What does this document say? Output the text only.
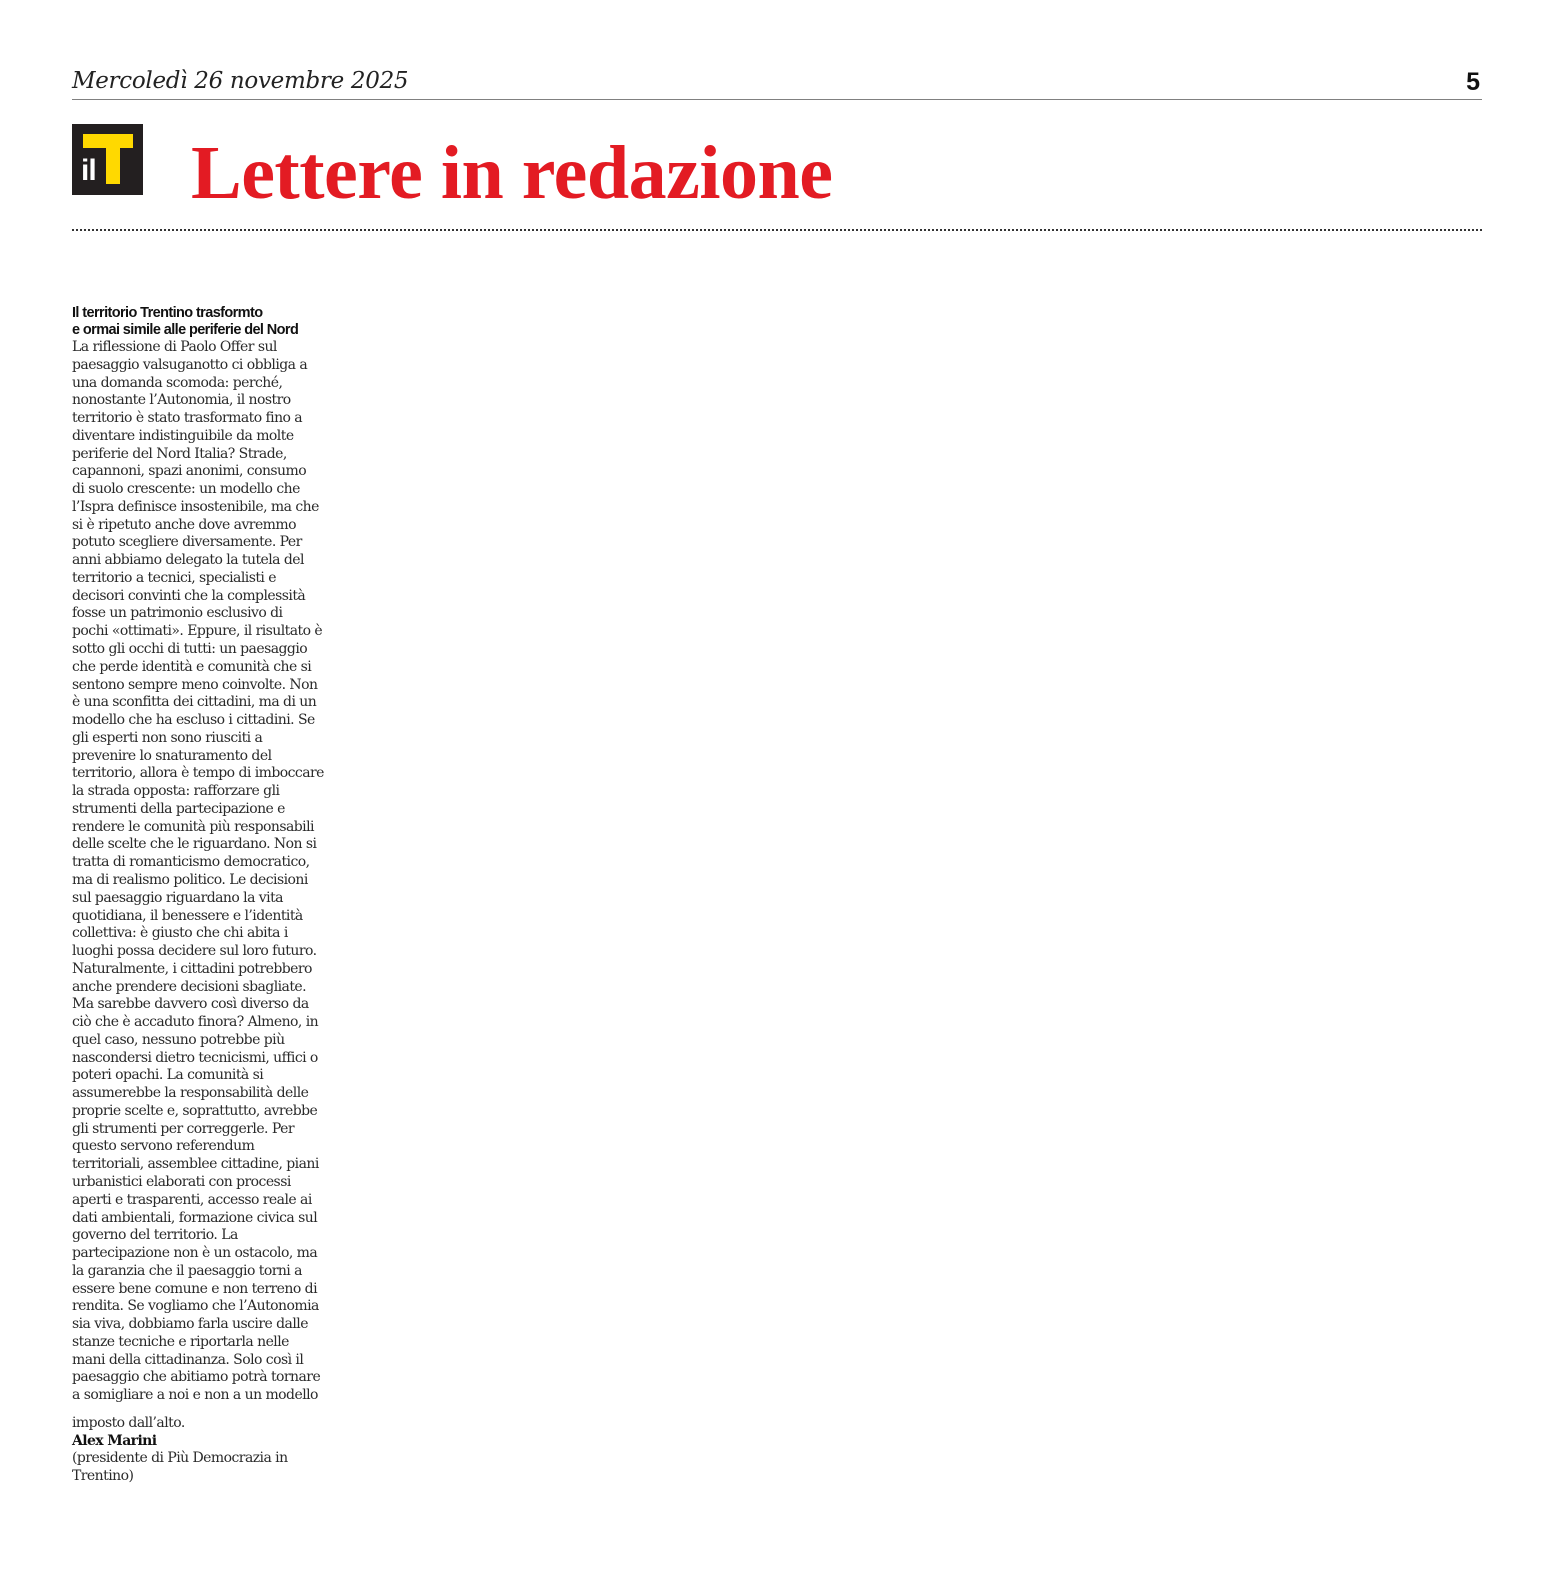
Mercoledì 26 novembre 2025	5
il Lettere in redazione

Il territorio Trentino trasformto

e ormai simile alle periferie del Nord

La riflessione di Paolo Offer sul
paesaggio valsuganotto ci obbliga a
una domanda scomoda: perché,
nonostante l’Autonomia, il nostro
territorio è stato trasformato fino a
diventare indistinguibile da molte
periferie del Nord Italia? Strade,
capannoni, spazi anonimi, consumo
di suolo crescente: un modello che
l’Ispra definisce insostenibile, ma che
si è ripetuto anche dove avremmo
potuto scegliere diversamente. Per
anni abbiamo delegato la tutela del
territorio a tecnici, specialisti e
decisori convinti che la complessità
fosse un patrimonio esclusivo di
pochi «ottimati». Eppure, il risultato è
sotto gli occhi di tutti: un paesaggio
che perde identità e comunità che si
sentono sempre meno coinvolte. Non
è una sconfitta dei cittadini, ma di un
modello che ha escluso i cittadini. Se
gli esperti non sono riusciti a
prevenire lo snaturamento del
territorio, allora è tempo di imboccare
la strada opposta: rafforzare gli
strumenti della partecipazione e
rendere le comunità più responsabili
delle scelte che le riguardano. Non si
tratta di romanticismo democratico,
ma di realismo politico. Le decisioni
sul paesaggio riguardano la vita
quotidiana, il benessere e l’identità
collettiva: è giusto che chi abita i
luoghi possa decidere sul loro futuro.
Naturalmente, i cittadini potrebbero
anche prendere decisioni sbagliate.
Ma sarebbe davvero così diverso da
ciò che è accaduto finora? Almeno, in
quel caso, nessuno potrebbe più
nascondersi dietro tecnicismi, uffici o
poteri opachi. La comunità si
assumerebbe la responsabilità delle
proprie scelte e, soprattutto, avrebbe
gli strumenti per correggerle. Per
questo servono referendum
territoriali, assemblee cittadine, piani
urbanistici elaborati con processi
aperti e trasparenti, accesso reale ai
dati ambientali, formazione civica sul
governo del territorio. La
partecipazione non è un ostacolo, ma
la garanzia che il paesaggio torni a
essere bene comune e non terreno di
rendita. Se vogliamo che l’Autonomia
sia viva, dobbiamo farla uscire dalle
stanze tecniche e riportarla nelle
mani della cittadinanza. Solo così il
paesaggio che abitiamo potrà tornare
a somigliare a noi e non a un modello
imposto dall’alto.
Alex Marini
(presidente di Più Democrazia in
Trentino)
